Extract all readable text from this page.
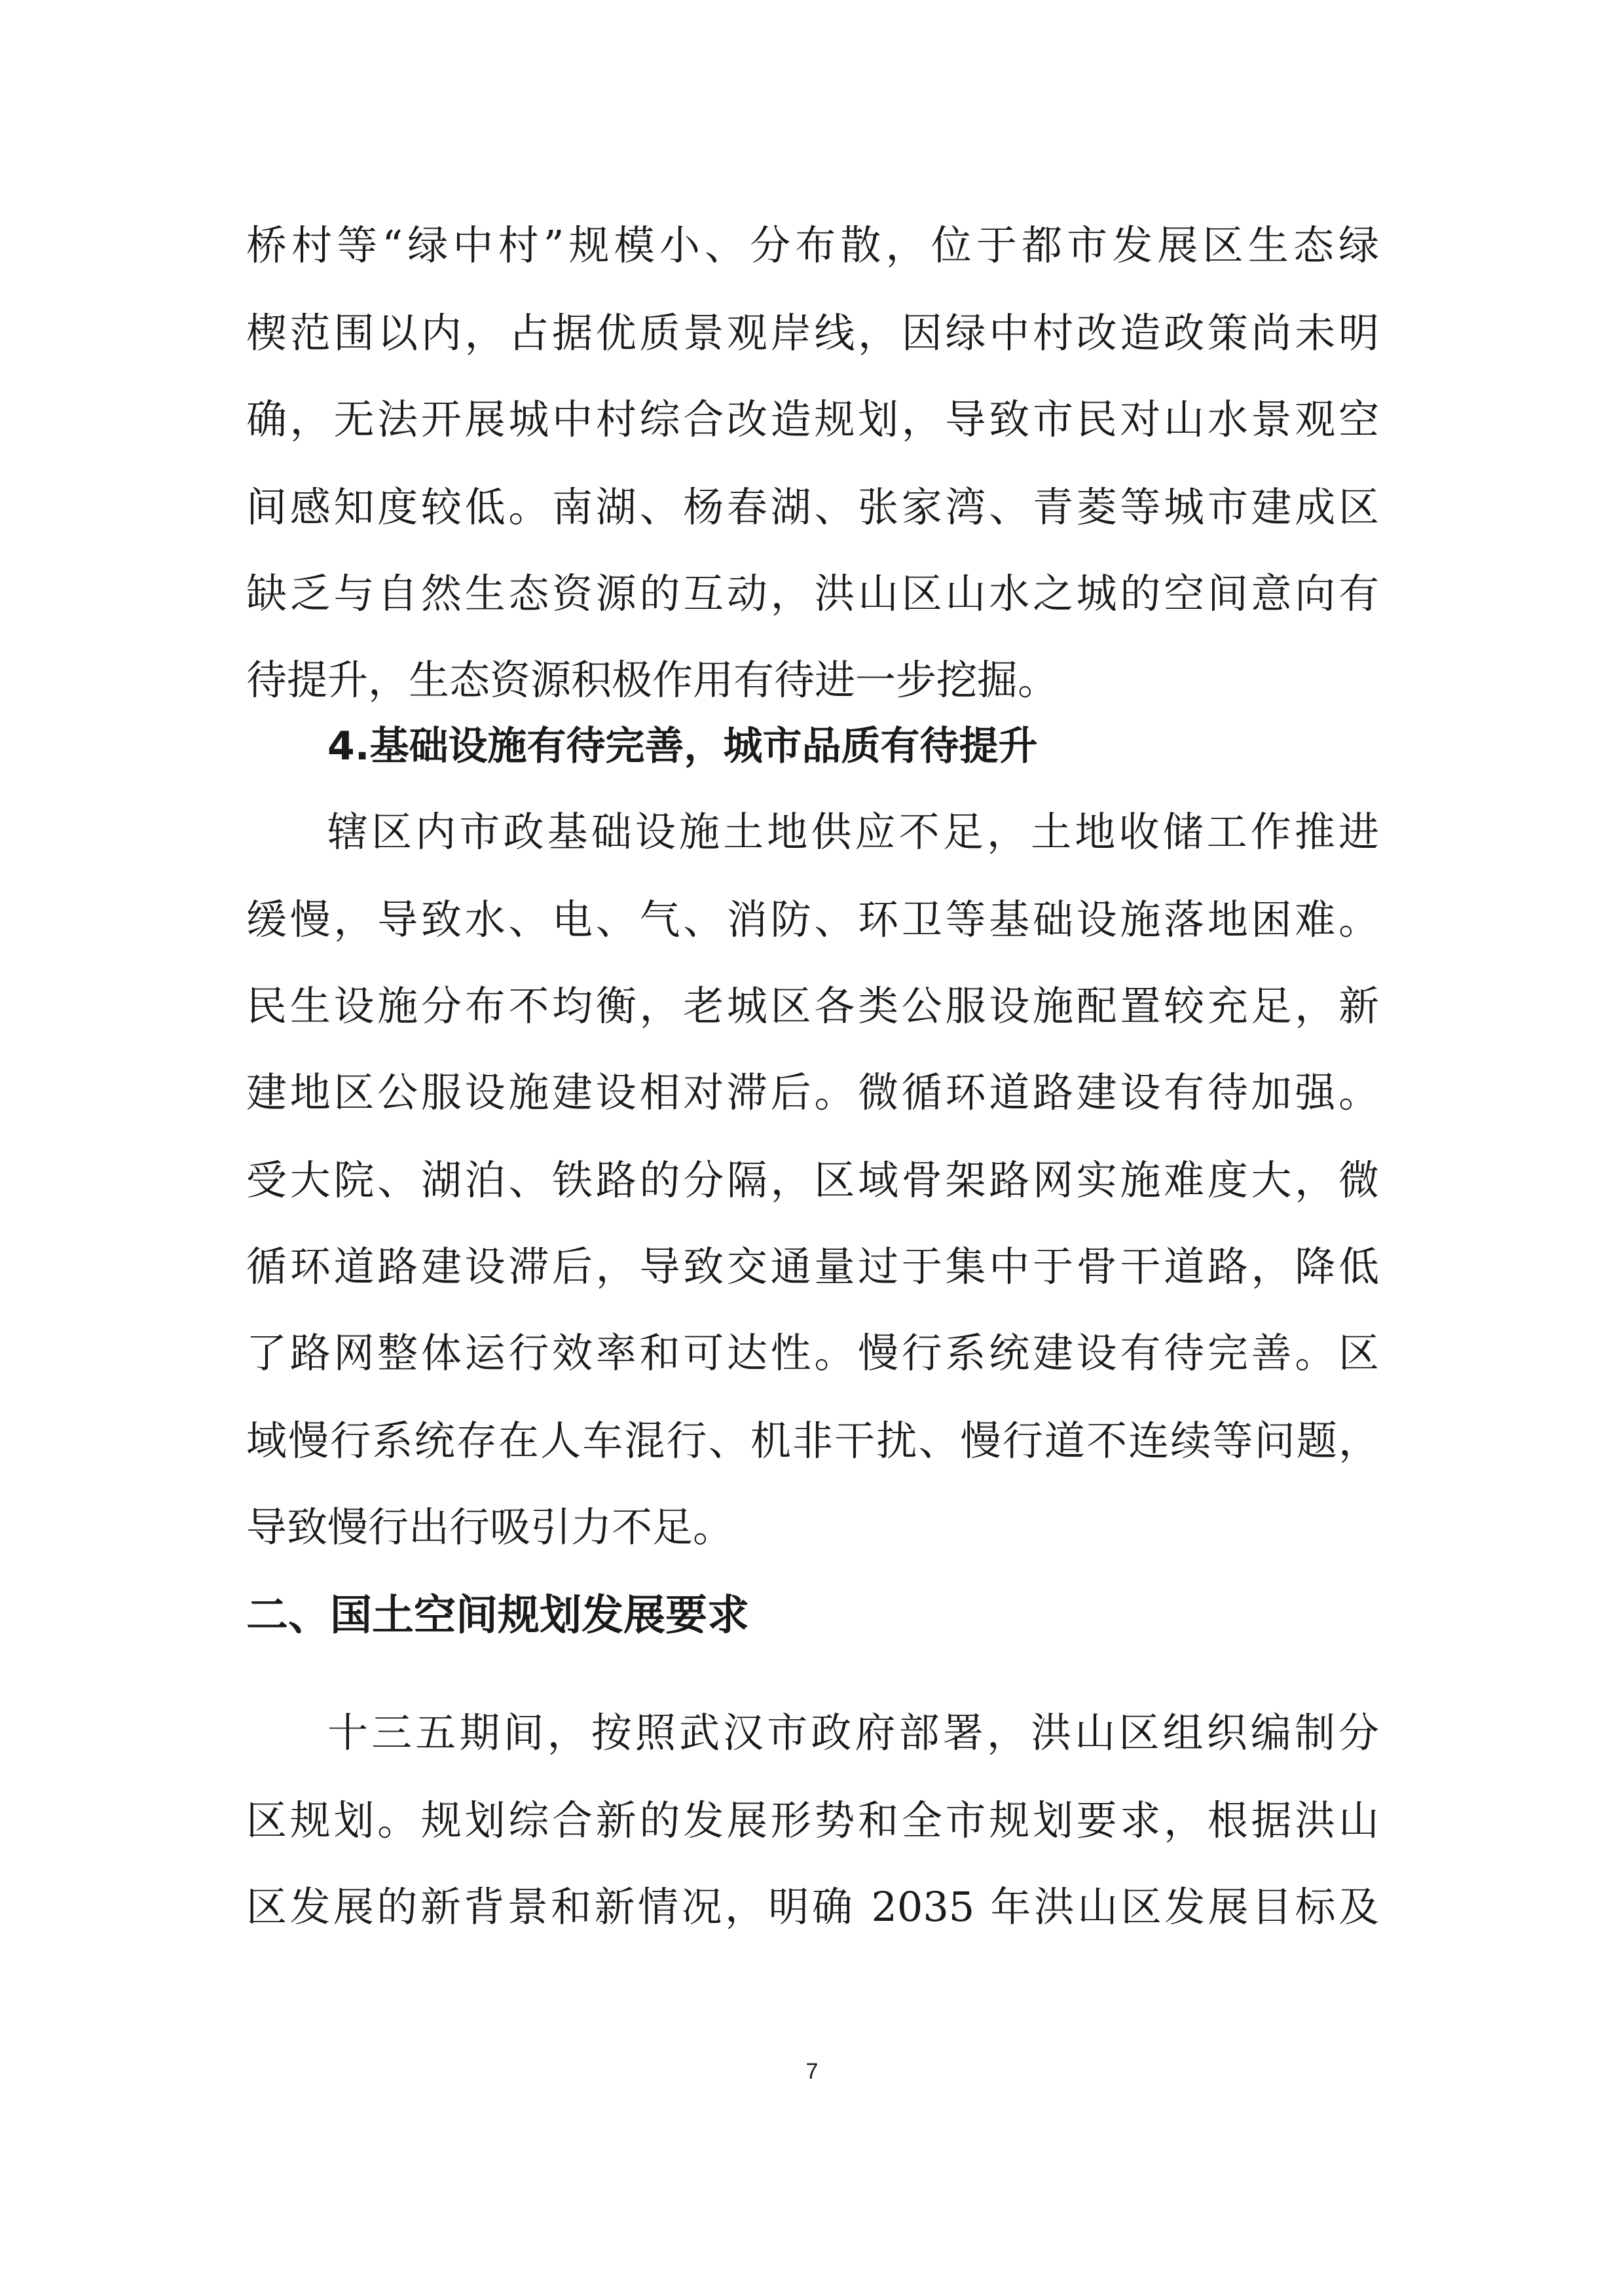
桥村等“绿中村”规模小、分布散，位于都市发展区生态绿
楔范围以内，占据优质景观岸线，因绿中村改造政策尚未明
确，无法开展城中村综合改造规划，导致市民对山水景观空
间感知度较低。南湖、杨春湖、张家湾、青菱等城市建成区
缺乏与自然生态资源的互动，洪山区山水之城的空间意向有
待提升，生态资源积极作用有待进一步挖掘。
4.基础设施有待完善，城市品质有待提升
辖区内市政基础设施土地供应不足，土地收储工作推进
缓慢，导致水、电、气、消防、环卫等基础设施落地困难。
民生设施分布不均衡，老城区各类公服设施配置较充足，新
建地区公服设施建设相对滞后。微循环道路建设有待加强。
受大院、湖泊、铁路的分隔，区域骨架路网实施难度大，微
循环道路建设滞后，导致交通量过于集中于骨干道路，降低
了路网整体运行效率和可达性。慢行系统建设有待完善。区
域慢行系统存在人车混行、机非干扰、慢行道不连续等问题，
导致慢行出行吸引力不足。
二、国土空间规划发展要求
十三五期间，按照武汉市政府部署，洪山区组织编制分
区规划。规划综合新的发展形势和全市规划要求，根据洪山
区发展的新背景和新情况，明确 2035 年洪山区发展目标及
7
